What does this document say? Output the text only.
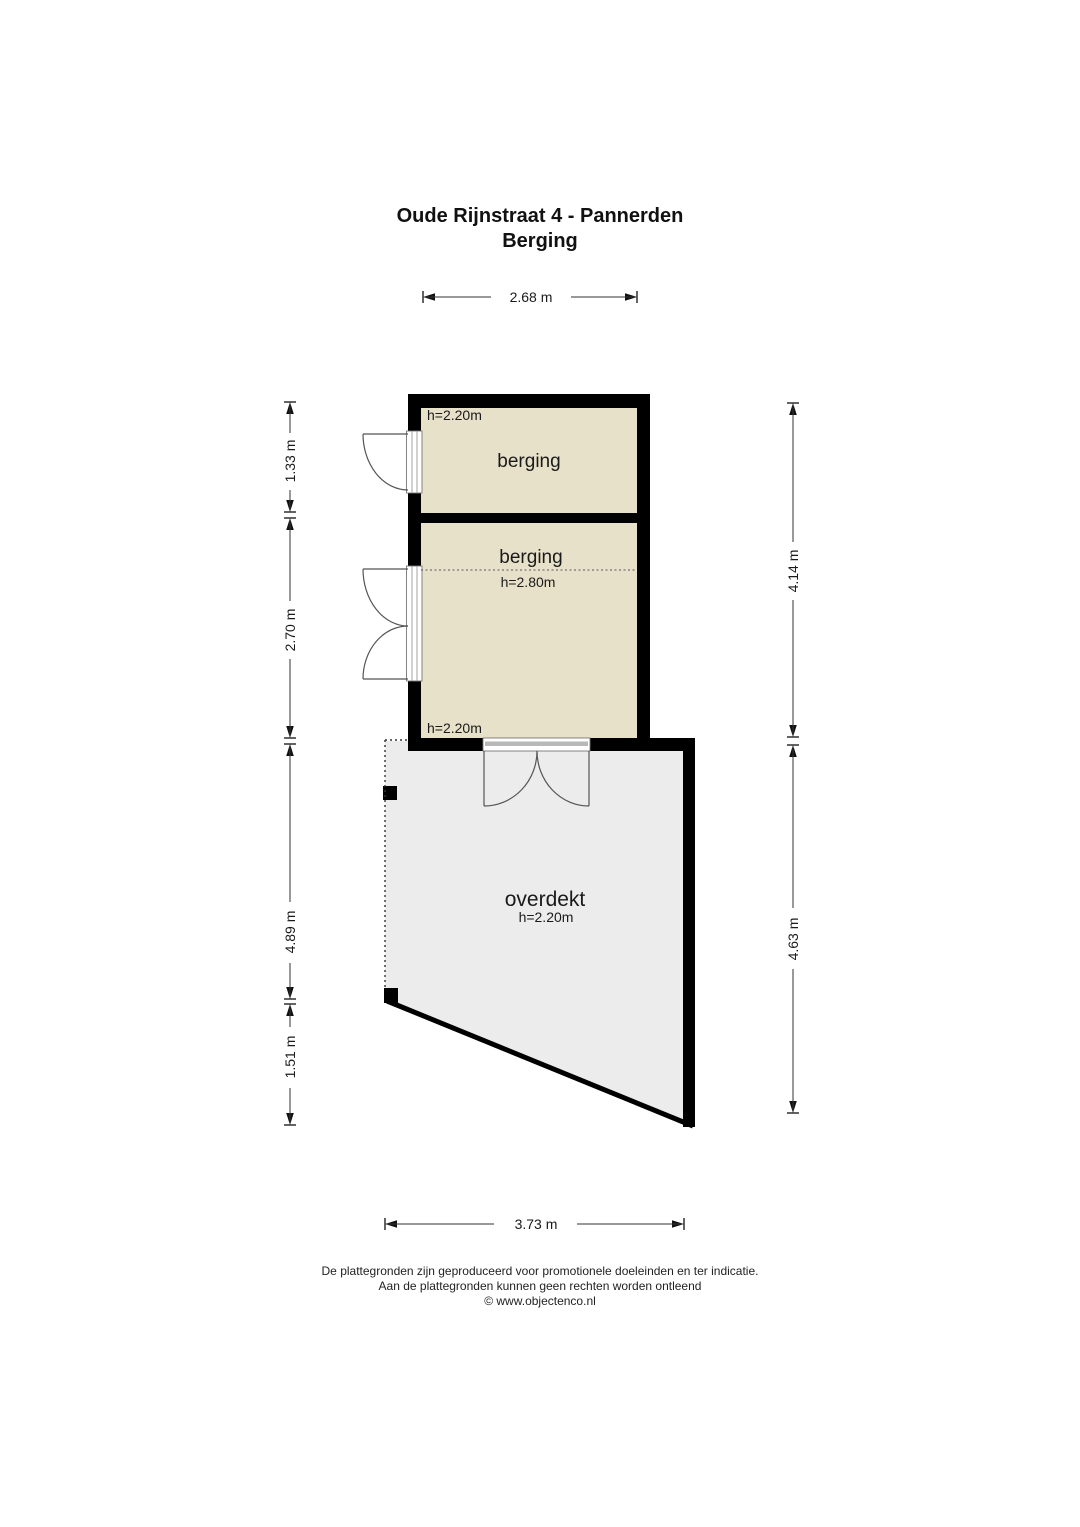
Oude Rijnstraat 4 - Pannerden
Berging
berging
h=2.20m
berging
h=2.80m
h=2.20m
overdekt
h=2.20m
2.68 m
1.33 m
2.70 m
4.89 m
1.51 m
4.14 m
4.63 m
3.73 m
De plattegronden zijn geproduceerd voor promotionele doeleinden en ter indicatie.
Aan de plattegronden kunnen geen rechten worden ontleend
© www.objectenco.nl
